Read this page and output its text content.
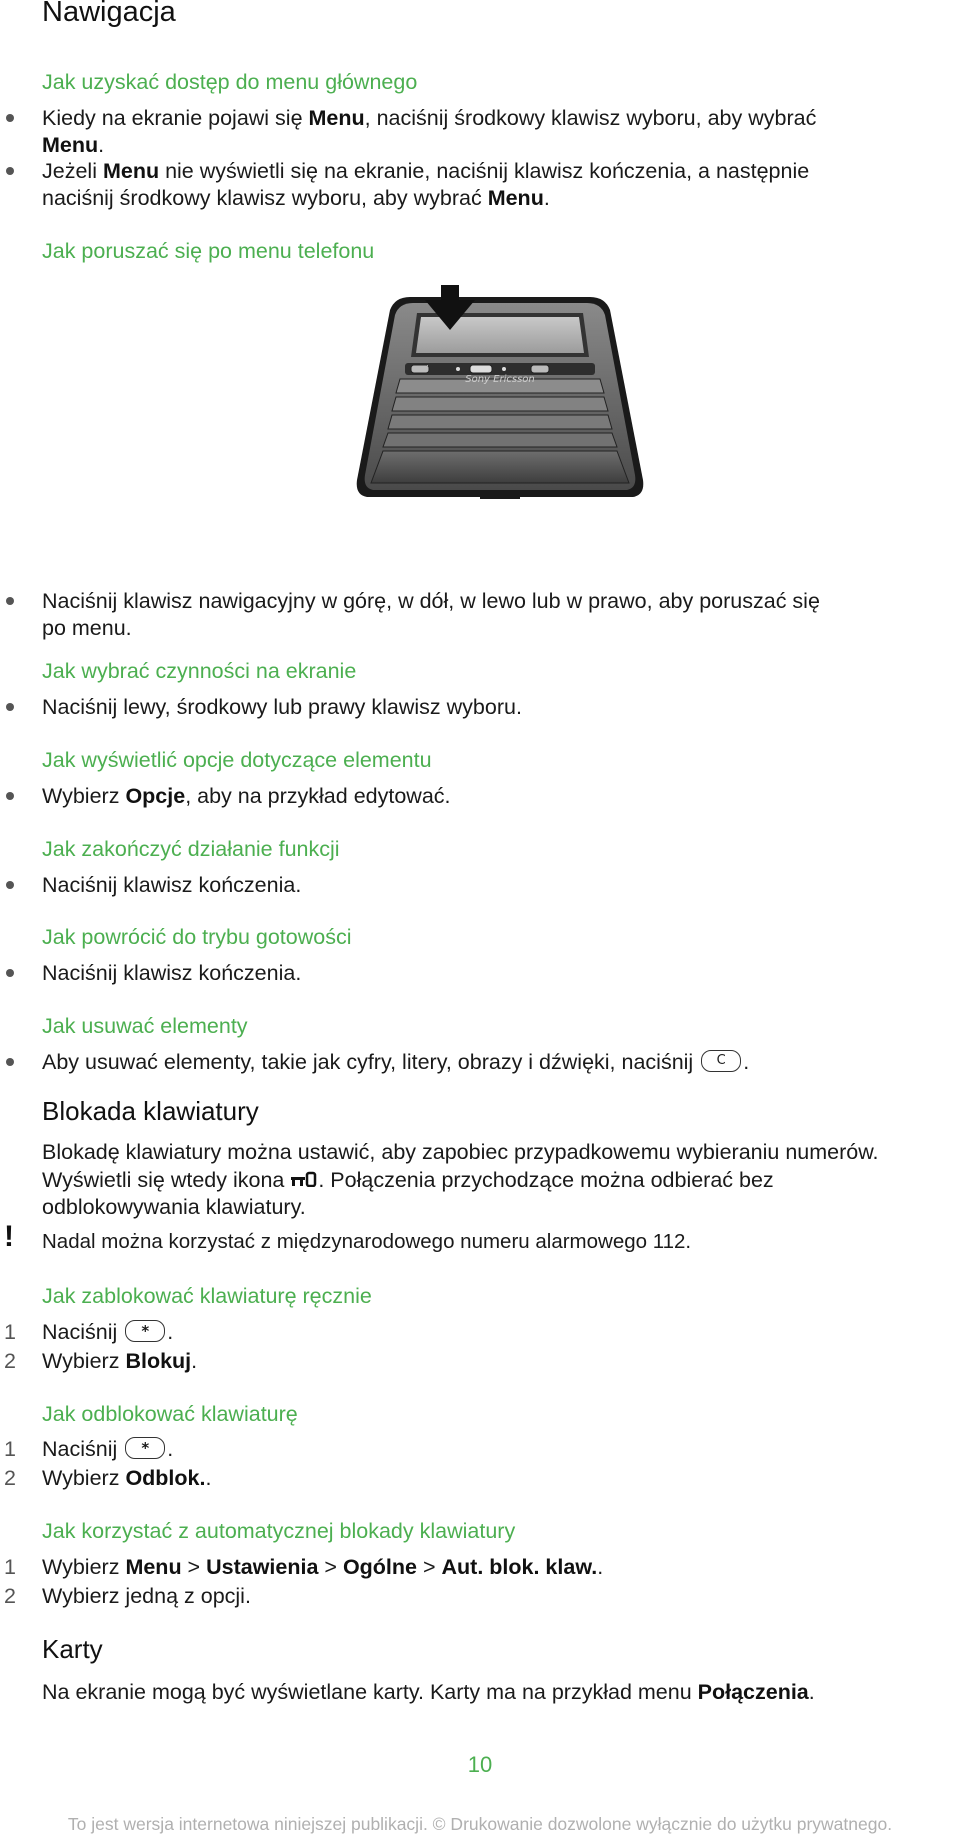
Nawigacja
Jak uzyskać dostęp do menu głównego
Kiedy na ekranie pojawi się Menu, naciśnij środkowy klawisz wyboru, aby wybrać
Menu.
Jeżeli Menu nie wyświetli się na ekranie, naciśnij klawisz kończenia, a następnie
naciśnij środkowy klawisz wyboru, aby wybrać Menu.
Jak poruszać się po menu telefonu
Sony Ericsson
Naciśnij klawisz nawigacyjny w górę, w dół, w lewo lub w prawo, aby poruszać się
po menu.
Jak wybrać czynności na ekranie
Naciśnij lewy, środkowy lub prawy klawisz wyboru.
Jak wyświetlić opcje dotyczące elementu
Wybierz Opcje, aby na przykład edytować.
Jak zakończyć działanie funkcji
Naciśnij klawisz kończenia.
Jak powrócić do trybu gotowości
Naciśnij klawisz kończenia.
Jak usuwać elementy
Aby usuwać elementy, takie jak cyfry, litery, obrazy i dźwięki, naciśnij C .
Blokada klawiatury
Blokadę klawiatury można ustawić, aby zapobiec przypadkowemu wybieraniu numerów.
Wyświetli się wtedy ikona . Połączenia przychodzące można odbierać bez
odblokowywania klawiatury.
! Nadal można korzystać z międzynarodowego numeru alarmowego 112.
Jak zablokować klawiaturę ręcznie
1 Naciśnij * .
2 Wybierz Blokuj.
Jak odblokować klawiaturę
1 Naciśnij * .
2 Wybierz Odblok..
Jak korzystać z automatycznej blokady klawiatury
1 Wybierz Menu > Ustawienia > Ogólne > Aut. blok. klaw..
2 Wybierz jedną z opcji.
Karty
Na ekranie mogą być wyświetlane karty. Karty ma na przykład menu Połączenia.
10
To jest wersja internetowa niniejszej publikacji. © Drukowanie dozwolone wyłącznie do użytku prywatnego.
